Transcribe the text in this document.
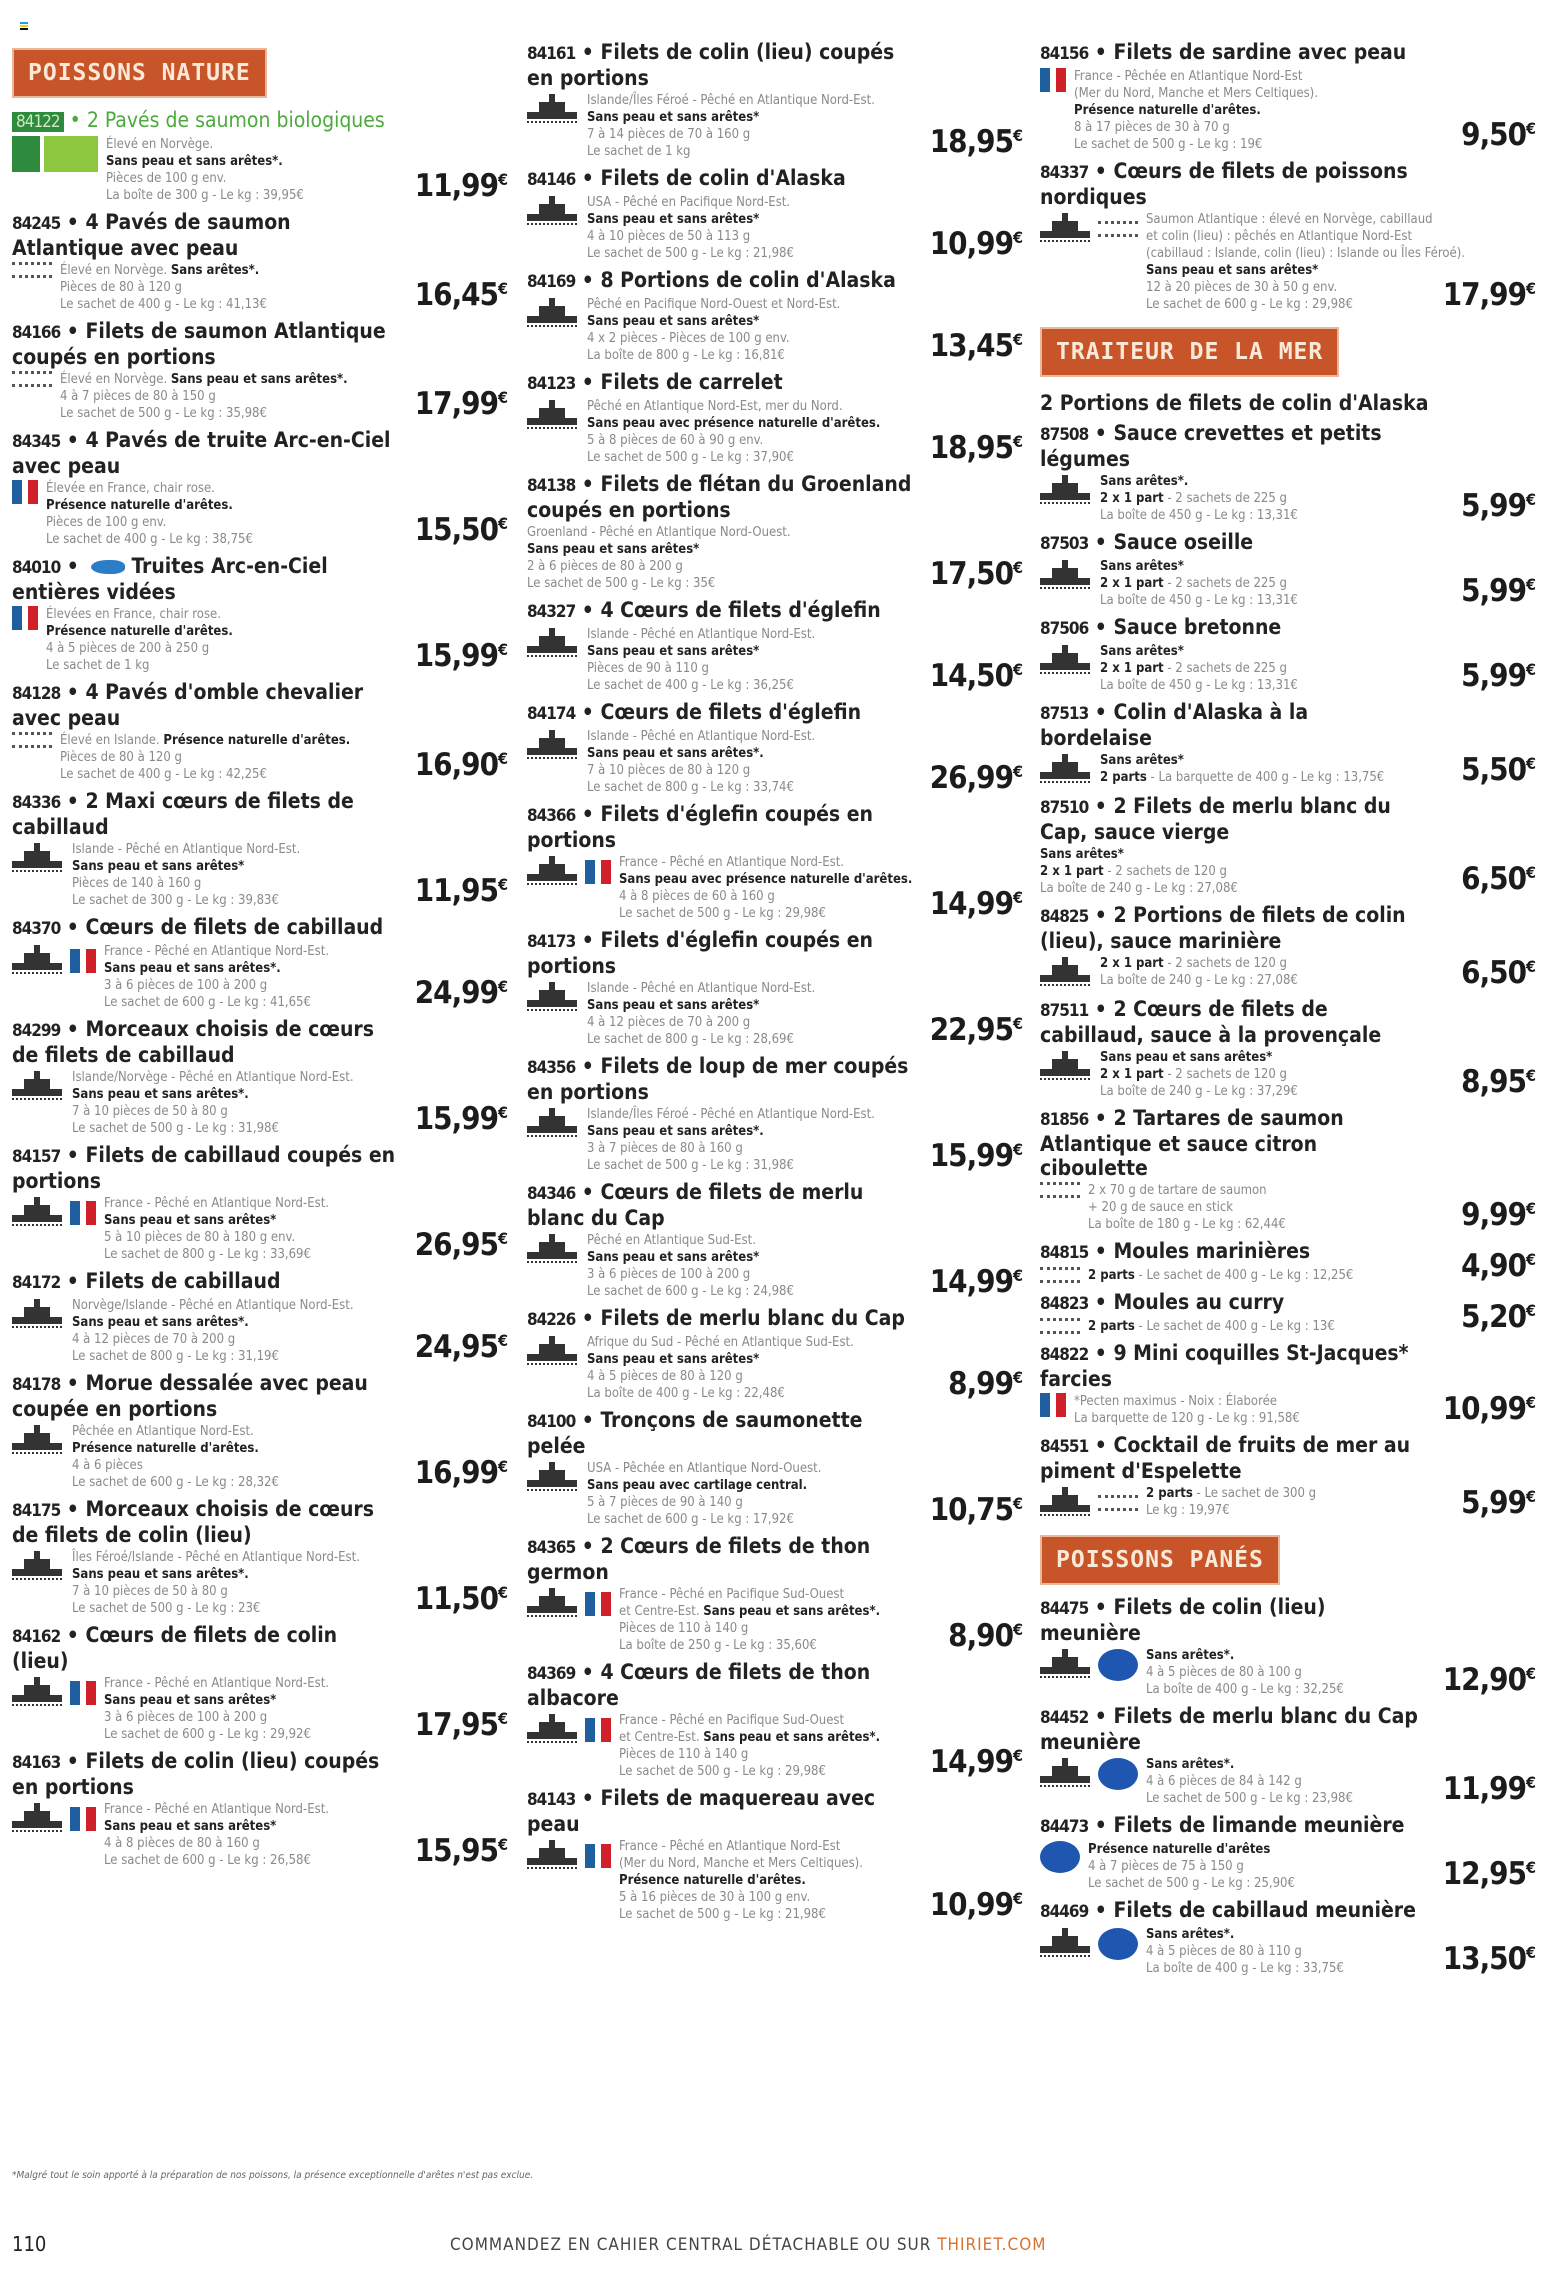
POISSONS NATURE
84122 • 2 Pavés de saumon biologiques
Élevé en Norvège.
Sans peau et sans arêtes*.
Pièces de 100 g env.
La boîte de 300 g - Le kg : 39,95€	11,99€
84245 • 4 Pavés de saumon Atlantique avec peau
Élevé en Norvège. Sans arêtes*.
Pièces de 80 à 120 g
Le sachet de 400 g - Le kg : 41,13€	16,45€
84166 • Filets de saumon Atlantique coupés en portions
Élevé en Norvège. Sans peau et sans arêtes*.
4 à 7 pièces de 80 à 150 g
Le sachet de 500 g - Le kg : 35,98€	17,99€
84345 • 4 Pavés de truite Arc-en-Ciel avec peau
Élevée en France, chair rose.
Présence naturelle d'arêtes.
Pièces de 100 g env.
Le sachet de 400 g - Le kg : 38,75€	15,50€
84010 • Truites Arc-en-Ciel entières vidées
Élevées en France, chair rose.
Présence naturelle d'arêtes.
4 à 5 pièces de 200 à 250 g
Le sachet de 1 kg	15,99€
84128 • 4 Pavés d'omble chevalier avec peau
Élevé en Islande. Présence naturelle d'arêtes.
Pièces de 80 à 120 g
Le sachet de 400 g - Le kg : 42,25€	16,90€
84336 • 2 Maxi cœurs de filets de cabillaud
Islande - Pêché en Atlantique Nord-Est.
Sans peau et sans arêtes*
Pièces de 140 à 160 g
Le sachet de 300 g - Le kg : 39,83€	11,95€
84370 • Cœurs de filets de cabillaud
France - Pêché en Atlantique Nord-Est.
Sans peau et sans arêtes*.
3 à 6 pièces de 100 à 200 g
Le sachet de 600 g - Le kg : 41,65€	24,99€
84299 • Morceaux choisis de cœurs de filets de cabillaud
Islande/Norvège - Pêché en Atlantique Nord-Est.
Sans peau et sans arêtes*.
7 à 10 pièces de 50 à 80 g
Le sachet de 500 g - Le kg : 31,98€	15,99€
84157 • Filets de cabillaud coupés en portions
France - Pêché en Atlantique Nord-Est.
Sans peau et sans arêtes*
5 à 10 pièces de 80 à 180 g env.
Le sachet de 800 g - Le kg : 33,69€	26,95€
84172 • Filets de cabillaud
Norvège/Islande - Pêché en Atlantique Nord-Est.
Sans peau et sans arêtes*.
4 à 12 pièces de 70 à 200 g
Le sachet de 800 g - Le kg : 31,19€	24,95€
84178 • Morue dessalée avec peau coupée en portions
Pêchée en Atlantique Nord-Est.
Présence naturelle d'arêtes.
4 à 6 pièces
Le sachet de 600 g - Le kg : 28,32€	16,99€
84175 • Morceaux choisis de cœurs de filets de colin (lieu)
Îles Féroé/Islande - Pêché en Atlantique Nord-Est.
Sans peau et sans arêtes*.
7 à 10 pièces de 50 à 80 g
Le sachet de 500 g - Le kg : 23€	11,50€
84162 • Cœurs de filets de colin (lieu)
France - Pêché en Atlantique Nord-Est.
Sans peau et sans arêtes*
3 à 6 pièces de 100 à 200 g
Le sachet de 600 g - Le kg : 29,92€	17,95€
84163 • Filets de colin (lieu) coupés en portions
France - Pêché en Atlantique Nord-Est.
Sans peau et sans arêtes*
4 à 8 pièces de 80 à 160 g
Le sachet de 600 g - Le kg : 26,58€	15,95€
84161 • Filets de colin (lieu) coupés en portions
Islande/Îles Féroé - Pêché en Atlantique Nord-Est.
Sans peau et sans arêtes*
7 à 14 pièces de 70 à 160 g
Le sachet de 1 kg	18,95€
84146 • Filets de colin d'Alaska
USA - Pêché en Pacifique Nord-Est.
Sans peau et sans arêtes*
4 à 10 pièces de 50 à 113 g
Le sachet de 500 g - Le kg : 21,98€	10,99€
84169 • 8 Portions de colin d'Alaska
Pêché en Pacifique Nord-Ouest et Nord-Est.
Sans peau et sans arêtes*
4 x 2 pièces - Pièces de 100 g env.
La boîte de 800 g - Le kg : 16,81€	13,45€
84123 • Filets de carrelet
Pêché en Atlantique Nord-Est, mer du Nord.
Sans peau avec présence naturelle d'arêtes.
5 à 8 pièces de 60 à 90 g env.
Le sachet de 500 g - Le kg : 37,90€	18,95€
84138 • Filets de flétan du Groenland coupés en portions
Groenland - Pêché en Atlantique Nord-Ouest.
Sans peau et sans arêtes*
2 à 6 pièces de 80 à 200 g
Le sachet de 500 g - Le kg : 35€	17,50€
84327 • 4 Cœurs de filets d'églefin
Islande - Pêché en Atlantique Nord-Est.
Sans peau et sans arêtes*
Pièces de 90 à 110 g
Le sachet de 400 g - Le kg : 36,25€	14,50€
84174 • Cœurs de filets d'églefin
Islande - Pêché en Atlantique Nord-Est.
Sans peau et sans arêtes*.
7 à 10 pièces de 80 à 120 g
Le sachet de 800 g - Le kg : 33,74€	26,99€
84366 • Filets d'églefin coupés en portions
France - Pêché en Atlantique Nord-Est.
Sans peau avec présence naturelle d'arêtes.
4 à 8 pièces de 60 à 160 g
Le sachet de 500 g - Le kg : 29,98€	14,99€
84173 • Filets d'églefin coupés en portions
Islande - Pêché en Atlantique Nord-Est.
Sans peau et sans arêtes*
4 à 12 pièces de 70 à 200 g
Le sachet de 800 g - Le kg : 28,69€	22,95€
84356 • Filets de loup de mer coupés en portions
Islande/Îles Féroé - Pêché en Atlantique Nord-Est.
Sans peau et sans arêtes*.
3 à 7 pièces de 80 à 160 g
Le sachet de 500 g - Le kg : 31,98€	15,99€
84346 • Cœurs de filets de merlu blanc du Cap
Pêché en Atlantique Sud-Est.
Sans peau et sans arêtes*
3 à 6 pièces de 100 à 200 g
Le sachet de 600 g - Le kg : 24,98€	14,99€
84226 • Filets de merlu blanc du Cap
Afrique du Sud - Pêché en Atlantique Sud-Est.
Sans peau et sans arêtes*
4 à 5 pièces de 80 à 120 g
La boîte de 400 g - Le kg : 22,48€	8,99€
84100 • Tronçons de saumonette pelée
USA - Pêchée en Atlantique Nord-Ouest.
Sans peau avec cartilage central.
5 à 7 pièces de 90 à 140 g
Le sachet de 600 g - Le kg : 17,92€	10,75€
84365 • 2 Cœurs de filets de thon germon
France - Pêché en Pacifique Sud-Ouest
et Centre-Est. Sans peau et sans arêtes*.
Pièces de 110 à 140 g
La boîte de 250 g - Le kg : 35,60€	8,90€
84369 • 4 Cœurs de filets de thon albacore
France - Pêché en Pacifique Sud-Ouest
et Centre-Est. Sans peau et sans arêtes*.
Pièces de 110 à 140 g
Le sachet de 500 g - Le kg : 29,98€	14,99€
84143 • Filets de maquereau avec peau
France - Pêché en Atlantique Nord-Est
(Mer du Nord, Manche et Mers Celtiques).
Présence naturelle d'arêtes.
5 à 16 pièces de 30 à 100 g env.
Le sachet de 500 g - Le kg : 21,98€	10,99€
84156 • Filets de sardine avec peau
France - Pêchée en Atlantique Nord-Est
(Mer du Nord, Manche et Mers Celtiques).
Présence naturelle d'arêtes.
8 à 17 pièces de 30 à 70 g
Le sachet de 500 g - Le kg : 19€	9,50€
84337 • Cœurs de filets de poissons nordiques
Saumon Atlantique : élevé en Norvège, cabillaud
et colin (lieu) : pêchés en Atlantique Nord-Est
(cabillaud : Islande, colin (lieu) : Islande ou Îles Féroé).
Sans peau et sans arêtes*
12 à 20 pièces de 30 à 50 g env.
Le sachet de 600 g - Le kg : 29,98€	17,99€
TRAITEUR DE LA MER
2 Portions de filets de colin d'Alaska
87508 • Sauce crevettes et petits légumes
Sans arêtes*.
2 x 1 part - 2 sachets de 225 g
La boîte de 450 g - Le kg : 13,31€	5,99€
87503 • Sauce oseille
Sans arêtes*
2 x 1 part - 2 sachets de 225 g
La boîte de 450 g - Le kg : 13,31€	5,99€
87506 • Sauce bretonne
Sans arêtes*
2 x 1 part - 2 sachets de 225 g
La boîte de 450 g - Le kg : 13,31€	5,99€
87513 • Colin d'Alaska à la bordelaise
Sans arêtes*
2 parts - La barquette de 400 g - Le kg : 13,75€	5,50€
87510 • 2 Filets de merlu blanc du Cap, sauce vierge
Sans arêtes*
2 x 1 part - 2 sachets de 120 g
La boîte de 240 g - Le kg : 27,08€	6,50€
84825 • 2 Portions de filets de colin (lieu), sauce marinière
2 x 1 part - 2 sachets de 120 g
La boîte de 240 g - Le kg : 27,08€	6,50€
87511 • 2 Cœurs de filets de cabillaud, sauce à la provençale
Sans peau et sans arêtes*
2 x 1 part - 2 sachets de 120 g
La boîte de 240 g - Le kg : 37,29€	8,95€
81856 • 2 Tartares de saumon Atlantique et sauce citron ciboulette
2 x 70 g de tartare de saumon
+ 20 g de sauce en stick
La boîte de 180 g - Le kg : 62,44€	9,99€
84815 • Moules marinières
2 parts - Le sachet de 400 g - Le kg : 12,25€	4,90€
84823 • Moules au curry
2 parts - Le sachet de 400 g - Le kg : 13€	5,20€
84822 • 9 Mini coquilles St-Jacques* farcies
*Pecten maximus - Noix : Élaborée
La barquette de 120 g - Le kg : 91,58€	10,99€
84551 • Cocktail de fruits de mer au piment d'Espelette
2 parts - Le sachet de 300 g
Le kg : 19,97€	5,99€
POISSONS PANÉS
84475 • Filets de colin (lieu) meunière
Sans arêtes*.
4 à 5 pièces de 80 à 100 g
La boîte de 400 g - Le kg : 32,25€	12,90€
84452 • Filets de merlu blanc du Cap meunière
Sans arêtes*.
4 à 6 pièces de 84 à 142 g
Le sachet de 500 g - Le kg : 23,98€	11,99€
84473 • Filets de limande meunière
Présence naturelle d'arêtes
4 à 7 pièces de 75 à 150 g
Le sachet de 500 g - Le kg : 25,90€	12,95€
84469 • Filets de cabillaud meunière
Sans arêtes*.
4 à 5 pièces de 80 à 110 g
La boîte de 400 g - Le kg : 33,75€	13,50€
*Malgré tout le soin apporté à la préparation de nos poissons, la présence exceptionnelle d'arêtes n'est pas exclue.
110	COMMANDEZ EN CAHIER CENTRAL DÉTACHABLE OU SUR THIRIET.COM
